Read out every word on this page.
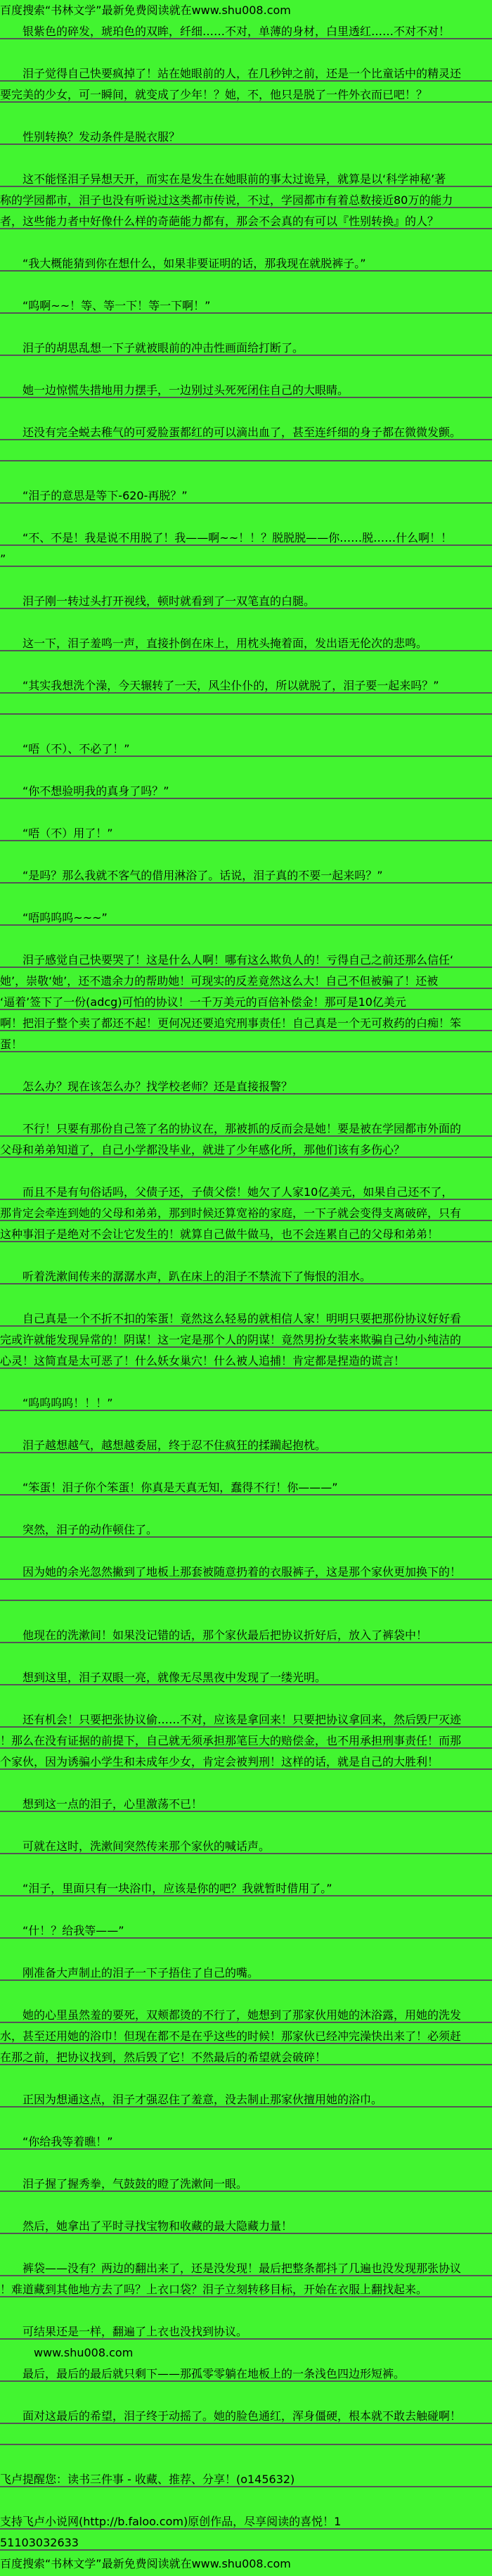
百度搜索“书林文学”最新免费阅读就在www.shu008.com
银紫色的碎发，琥珀色的双眸，纤细……不对，单薄的身材，白里透红……不对不对！
泪子觉得自己快要疯掉了！站在她眼前的人，在几秒钟之前，还是一个比童话中的精灵还
要完美的少女，可一瞬间，就变成了少年！？她，不，他只是脱了一件外衣而已吧！？
性别转换？发动条件是脱衣服？
这不能怪泪子异想天开，而实在是发生在她眼前的事太过诡异，就算是以‘科学神秘’著
称的学园都市，泪子也没有听说过这类都市传说，不过，学园都市有着总数接近80万的能力
者，这些能力者中好像什么样的奇葩能力都有，那会不会真的有可以『性别转换』的人？
“我大概能猜到你在想什么，如果非要证明的话，那我现在就脱裤子。”
“呜啊~~！等、等一下！等一下啊！”
泪子的胡思乱想一下子就被眼前的冲击性画面给打断了。
她一边惊慌失措地用力摆手，一边别过头死死闭住自己的大眼睛。
还没有完全蜕去稚气的可爱脸蛋都红的可以滴出血了，甚至连纤细的身子都在微微发颤。
“泪子的意思是等下-620-再脱？”
“不、不是！我是说不用脱了！我——啊~~！！？脱脱脱——你……脱……什么啊！！
”
泪子刚一转过头打开视线，顿时就看到了一双笔直的白腿。
这一下，泪子羞鸣一声，直接扑倒在床上，用枕头掩着面，发出语无伦次的悲鸣。
“其实我想洗个澡，今天辗转了一天，风尘仆仆的，所以就脱了，泪子要一起来吗？”
“唔（不）、不必了！”
“你不想验明我的真身了吗？”
“唔（不）用了！”
“是吗？那么我就不客气的借用淋浴了。话说，泪子真的不要一起来吗？”
“唔呜呜呜~~~”
泪子感觉自己快要哭了！这是什么人啊！哪有这么欺负人的！亏得自己之前还那么信任‘
她’，崇敬‘她’，还不遗余力的帮助她！可现实的反差竟然这么大！自己不但被骗了！还被
‘逼着’签下了一份(adcg)可怕的协议！一千万美元的百倍补偿金！那可是10亿美元
啊！把泪子整个卖了都还不起！更何况还要追究刑事责任！自己真是一个无可救药的白痴！笨
蛋！
怎么办？现在该怎么办？找学校老师？还是直接报警？
不行！只要有那份自己签了名的协议在，那被抓的反而会是她！要是被在学园都市外面的
父母和弟弟知道了，自己小学都没毕业，就进了少年感化所，那他们该有多伤心？
而且不是有句俗话吗，父债子还，子债父偿！她欠了人家10亿美元，如果自己还不了，
那肯定会牵连到她的父母和弟弟，那到时候还算宽裕的家庭，一下子就会变得支离破碎，只有
这种事泪子是绝对不会让它发生的！就算自己做牛做马，也不会连累自己的父母和弟弟！
听着洗漱间传来的潺潺水声，趴在床上的泪子不禁流下了悔恨的泪水。
自己真是一个不折不扣的笨蛋！竟然这么轻易的就相信人家！明明只要把那份协议好好看
完或许就能发现异常的！阴谋！这一定是那个人的阴谋！竟然男扮女装来欺骗自己幼小纯洁的
心灵！这简直是太可恶了！什么妖女巢穴！什么被人追捕！肯定都是捏造的谎言！
“呜呜呜呜！！！”
泪子越想越气，越想越委屈，终于忍不住疯狂的揉躏起抱枕。
“笨蛋！泪子你个笨蛋！你真是天真无知，蠢得不行！你———”
突然，泪子的动作顿住了。
因为她的余光忽然撇到了地板上那套被随意扔着的衣服裤子，这是那个家伙更加换下的！
他现在的洗漱间！如果没记错的话，那个家伙最后把协议折好后，放入了裤袋中！
想到这里，泪子双眼一亮，就像无尽黑夜中发现了一缕光明。
还有机会！只要把张协议偷……不对，应该是拿回来！只要把协议拿回来，然后毁尸灭迹
！那么在没有证据的前提下，自己就无须承担那笔巨大的赔偿金，也不用承担刑事责任！而那
个家伙，因为诱骗小学生和未成年少女，肯定会被判刑！这样的话，就是自己的大胜利！
想到这一点的泪子，心里激荡不已！
可就在这时，洗漱间突然传来那个家伙的喊话声。
“泪子，里面只有一块浴巾，应该是你的吧？我就暂时借用了。”
“什！？给我等——”
刚准备大声制止的泪子一下子捂住了自己的嘴。
她的心里虽然羞的要死，双颊都烫的不行了，她想到了那家伙用她的沐浴露，用她的洗发
水，甚至还用她的浴巾！但现在都不是在乎这些的时候！那家伙已经冲完澡快出来了！必须赶
在那之前，把协议找到，然后毁了它！不然最后的希望就会破碎！
正因为想通这点，泪子才强忍住了羞意，没去制止那家伙擅用她的浴巾。
“你给我等着瞧！”
泪子握了握秀拳，气鼓鼓的瞪了洗漱间一眼。
然后，她拿出了平时寻找宝物和收藏的最大隐藏力量！
裤袋——没有？两边的翻出来了，还是没发现！最后把整条都抖了几遍也没发现那张协议
！难道藏到其他地方去了吗？上衣口袋？泪子立刻转移目标，开始在衣服上翻找起来。
可结果还是一样，翻遍了上衣也没找到协议。
www.shu008.com
最后，最后的最后就只剩下——那孤零零躺在地板上的一条浅色四边形短裤。
面对这最后的希望，泪子终于动摇了。她的脸色通红，浑身僵硬，根本就不敢去触碰啊！
飞卢提醒您：读书三件事 - 收藏、推荐、分享！(o145632)
支持飞卢小说网(http://b.faloo.com)原创作品，尽享阅读的喜悦！1
51103032633
百度搜索“书林文学”最新免费阅读就在www.shu008.com
